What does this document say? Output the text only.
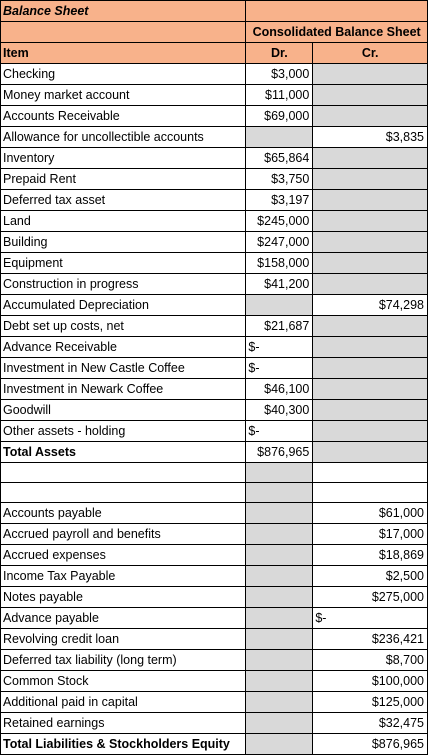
Balance Sheet		
	Consolidated Balance Sheet	
Item	Dr.	Cr.
Checking	$3,000	
Money market account	$11,000	
Accounts Receivable	$69,000	
Allowance for uncollectible accounts		$3,835
Inventory	$65,864	
Prepaid Rent	$3,750	
Deferred tax asset	$3,197	
Land	$245,000	
Building	$247,000	
Equipment	$158,000	
Construction in progress	$41,200	
Accumulated Depreciation		$74,298
Debt set up costs, net	$21,687	
Advance Receivable	$-	
Investment in New Castle Coffee	$-	
Investment in Newark Coffee	$46,100	
Goodwill	$40,300	
Other assets - holding	$-	
Total Assets	$876,965	

Accounts payable		$61,000
Accrued payroll and benefits		$17,000
Accrued expenses		$18,869
Income Tax Payable		$2,500
Notes payable		$275,000
Advance payable		$-
Revolving credit loan		$236,421
Deferred tax liability (long term)		$8,700
Common Stock		$100,000
Additional paid in capital		$125,000
Retained earnings		$32,475
Total Liabilities & Stockholders Equity		$876,965
